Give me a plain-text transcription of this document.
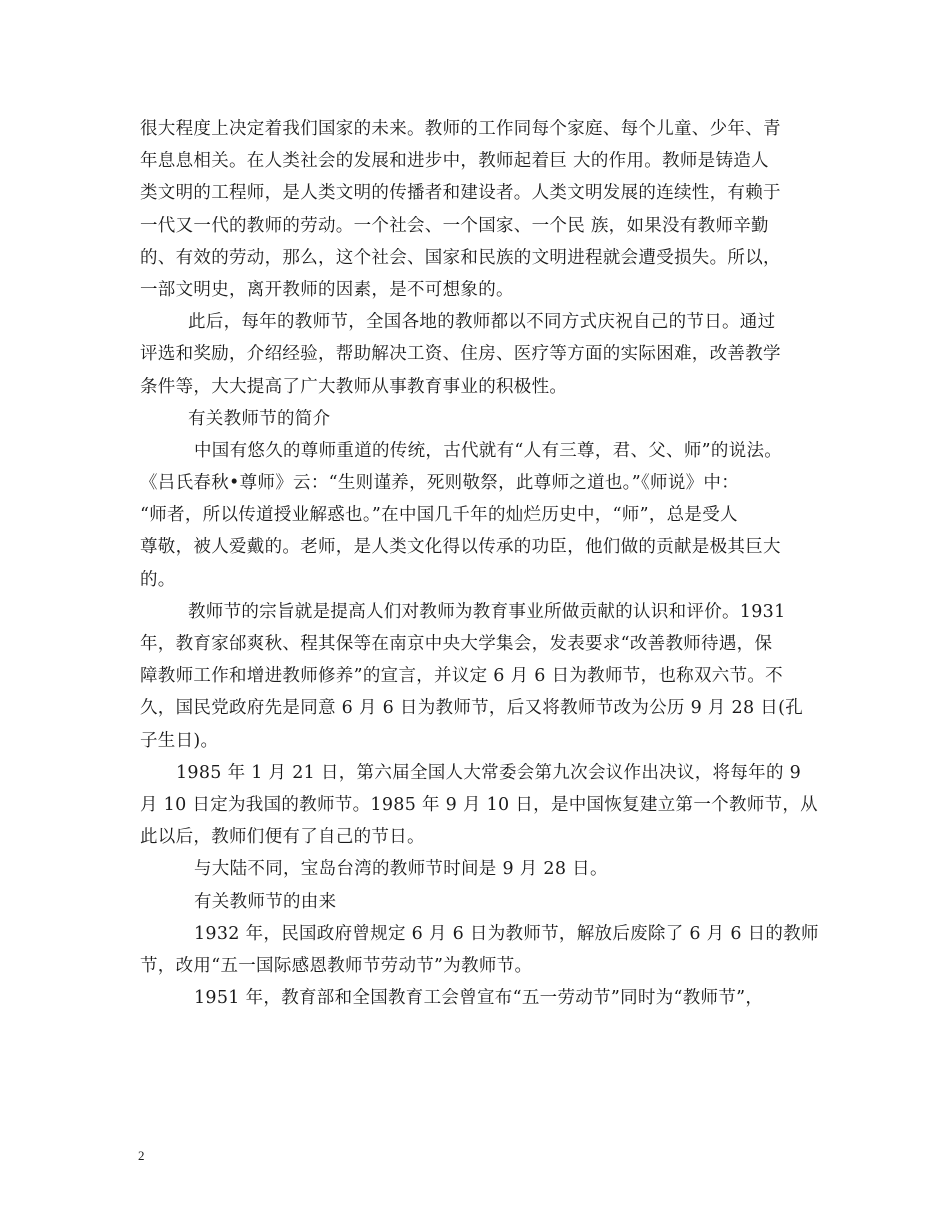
很大程度上决定着我们国家的未来。教师的工作同每个家庭、每个儿童、少年、青
年息息相关。在人类社会的发展和进步中，教师起着巨 大的作用。教师是铸造人
类文明的工程师，是人类文明的传播者和建设者。人类文明发展的连续性，有赖于
一代又一代的教师的劳动。一个社会、一个国家、一个民 族，如果没有教师辛勤
的、有效的劳动，那么，这个社会、国家和民族的文明进程就会遭受损失。所以，
一部文明史，离开教师的因素，是不可想象的。
此后，每年的教师节，全国各地的教师都以不同方式庆祝自己的节日。通过
评选和奖励，介绍经验，帮助解决工资、住房、医疗等方面的实际困难，改善教学
条件等，大大提高了广大教师从事教育事业的积极性。
有关教师节的简介
中国有悠久的尊师重道的传统，古代就有“人有三尊，君、父、师”的说法。
《吕氏春秋•尊师》云：“生则谨养，死则敬祭，此尊师之道也。”《师说》中：
“师者，所以传道授业解惑也。”在中国几千年的灿烂历史中，“师”，总是受人
尊敬，被人爱戴的。老师，是人类文化得以传承的功臣，他们做的贡献是极其巨大
的。
教师节的宗旨就是提高人们对教师为教育事业所做贡献的认识和评价。1931
年，教育家邰爽秋、程其保等在南京中央大学集会，发表要求“改善教师待遇，保
障教师工作和增进教师修养”的宣言，并议定 6 月 6 日为教师节，也称双六节。不
久，国民党政府先是同意 6 月 6 日为教师节，后又将教师节改为公历 9 月 28 日(孔
子生日)。
1985 年 1 月 21 日，第六届全国人大常委会第九次会议作出决议，将每年的 9
月 10 日定为我国的教师节。1985 年 9 月 10 日，是中国恢复建立第一个教师节，从
此以后，教师们便有了自己的节日。
与大陆不同，宝岛台湾的教师节时间是 9 月 28 日。
有关教师节的由来
1932 年，民国政府曾规定 6 月 6 日为教师节，解放后废除了 6 月 6 日的教师
节，改用“五一国际感恩教师节劳动节”为教师节。
1951 年，教育部和全国教育工会曾宣布“五一劳动节”同时为“教师节”，
2
